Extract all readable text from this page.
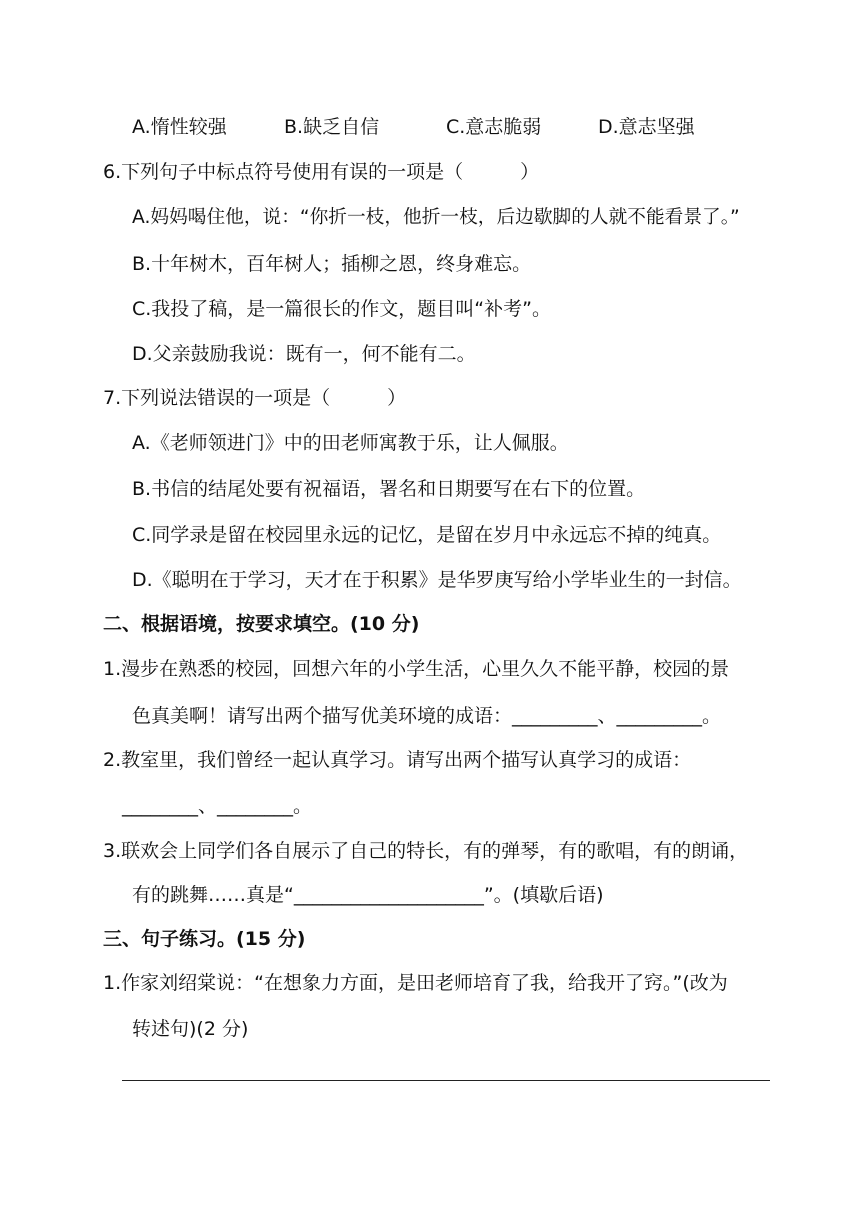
A.惰性较强	B.缺乏自信	C.意志脆弱	D.意志坚强
6.下列句子中标点符号使用有误的一项是（　　　）
A.妈妈喝住他，说：“你折一枝，他折一枝，后边歇脚的人就不能看景了。”
B.十年树木，百年树人；插柳之恩，终身难忘。
C.我投了稿，是一篇很长的作文，题目叫“补考”。
D.父亲鼓励我说：既有一，何不能有二。
7.下列说法错误的一项是（　　　）
A.《老师领进门》中的田老师寓教于乐，让人佩服。
B.书信的结尾处要有祝福语，署名和日期要写在右下的位置。
C.同学录是留在校园里永远的记忆，是留在岁月中永远忘不掉的纯真。
D.《聪明在于学习，天才在于积累》是华罗庚写给小学毕业生的一封信。
二、根据语境，按要求填空。(10 分)
1.漫步在熟悉的校园，回想六年的小学生活，心里久久不能平静，校园的景
色真美啊！请写出两个描写优美环境的成语：_________、_________。
2.教室里，我们曾经一起认真学习。请写出两个描写认真学习的成语：
________、________。
3.联欢会上同学们各自展示了自己的特长，有的弹琴，有的歌唱，有的朗诵，
有的跳舞……真是“____________________”。(填歇后语)
三、句子练习。(15 分)
1.作家刘绍棠说：“在想象力方面，是田老师培育了我，给我开了窍。”(改为
转述句)(2 分)
